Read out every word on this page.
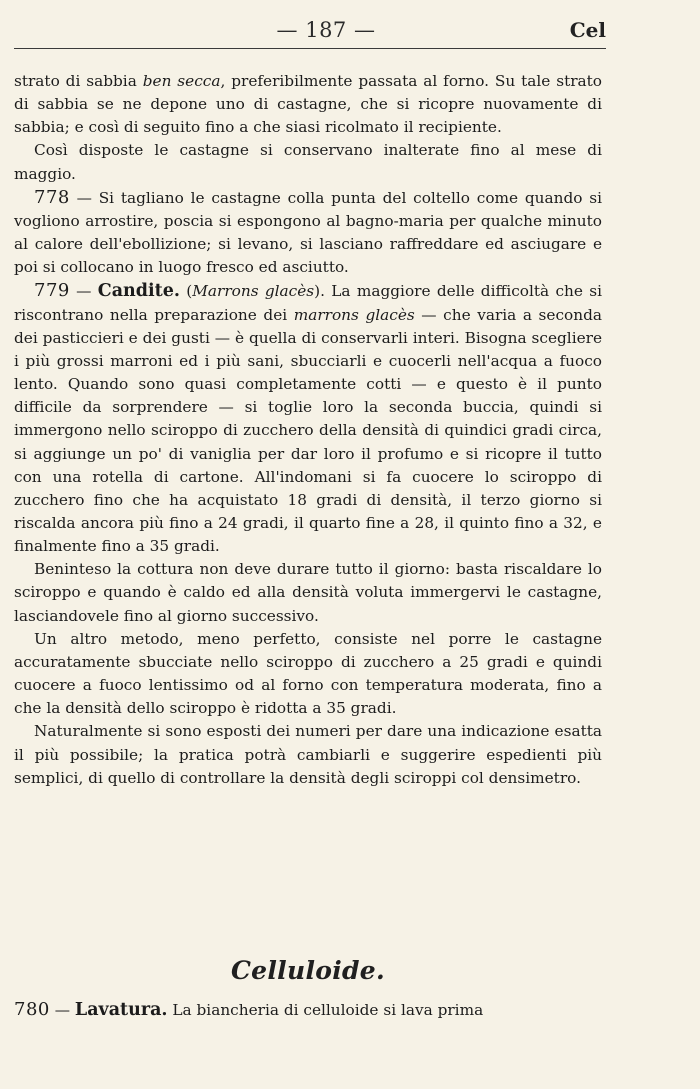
— 187 —	Cel

strato di sabbia ben secca, preferibilmente passata al forno. Su tale strato di sabbia se ne depone uno di castagne, che si ricopre nuovamente di sabbia; e così di seguito fino a che siasi ricolmato il recipiente.

Così disposte le castagne si conservano inalterate fino al mese di maggio.

778 — Si tagliano le castagne colla punta del coltello come quando si vogliono arrostire, poscia si espongono al bagno-maria per qualche minuto al calore dell'ebollizione; si levano, si lasciano raffreddare ed asciugare e poi si collocano in luogo fresco ed asciutto.

779 — Candite. (Marrons glacès). La maggiore delle difficoltà che si riscontrano nella preparazione dei marrons glacès — che varia a seconda dei pasticcieri e dei gusti — è quella di conservarli interi. Bisogna scegliere i più grossi marroni ed i più sani, sbucciarli e cuocerli nell'acqua a fuoco lento. Quando sono quasi completamente cotti — e questo è il punto difficile da sorprendere — si toglie loro la seconda buccia, quindi si immergono nello sciroppo di zucchero della densità di quindici gradi circa, si aggiunge un po' di vaniglia per dar loro il profumo e si ricopre il tutto con una rotella di cartone. All'indomani si fa cuocere lo sciroppo di zucchero fino che ha acquistato 18 gradi di densità, il terzo giorno si riscalda ancora più fino a 24 gradi, il quarto fine a 28, il quinto fino a 32, e finalmente fino a 35 gradi.

Beninteso la cottura non deve durare tutto il giorno: basta riscaldare lo sciroppo e quando è caldo ed alla densità voluta immergervi le castagne, lasciandovele fino al giorno successivo.

Un altro metodo, meno perfetto, consiste nel porre le castagne accuratamente sbucciate nello sciroppo di zucchero a 25 gradi e quindi cuocere a fuoco lentissimo od al forno con temperatura moderata, fino a che la densità dello sciroppo è ridotta a 35 gradi.

Naturalmente si sono esposti dei numeri per dare una indicazione esatta il più possibile; la pratica potrà cambiarli e suggerire espedienti più semplici, di quello di controllare la densità degli sciroppi col densimetro.

Celluloide.
780 — Lavatura. La biancheria di celluloide si lava prima
